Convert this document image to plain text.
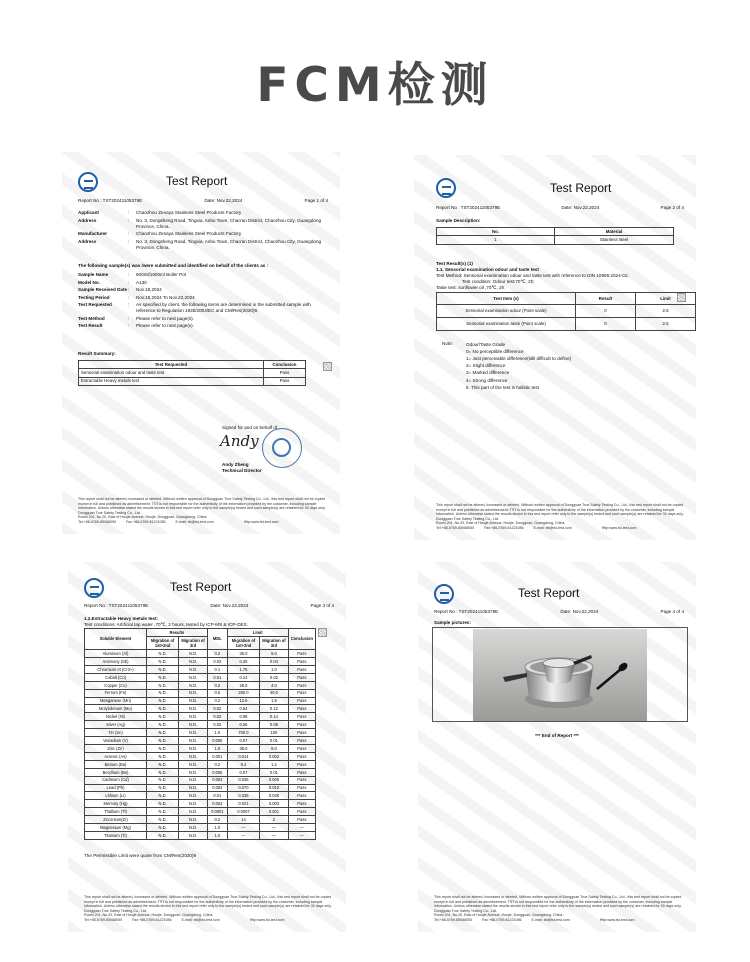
FCM检测
Test Report
Report No : TST20241105379E	Date: Nov.22,2024	Page 1 of 4
Applicant	:	Chaozhou Zenaya Stainless Steel Products Factory
Address	:	No. 3, Dongsheng Road, Tingxia, Anbu Town, Chao'an District, Chaozhou City, Guangdong Province, China.
Manufacturer	:	Chaozhou Zenaya Stainless Steel Products Factory
Address	:	No. 3, Dongsheng Road, Tingxia, Anbu Town, Chao'an District, Chaozhou City, Guangdong Province, China.
The following sample(s) was /were submitted and identified on behalf of the clients as :
Sample Name	:	600ml/1600ml Boiler Pot
Model No.	:	A130
Sample Received Date :	Nov.18,2024
Testing Period	:	Nov.18,2024 To Nov.22,2024
Test Requested	:	As specified by client, the following items are determined in the submitted sample with reference to Regulation 1935/2004/EC and CM/Res(2020)9.
Test Method	:	Please refer to next page(s).
Test Result	:	Please refer to next page(s).
Result Summary:
Test Requested	Conclusion
Sensorial examination odour and taste test	Pass
Extractable Heavy metals test	Pass
Signed for and on behalf of
Andy
Andy Zheng
Technical Director
This report shall not be altered, increased or deleted. Without written approval of Dongguan True Safety Testing Co., Ltd., this test report shall not be copied except in full and published as advertisement. TST is not responsible for the authenticity of the information provided by the customer, including sample information. Unless otherwise stated the results shown in this test report refer only to the sample(s) tested and such sample(s) are retained for 30 days only.
Dongguan True Safety Testing Co., Ltd.
Room 201, No.20, East of Houjie Avenue, Houjie, Dongguan, Guangdong, China
Tel:+86-0769-85088050	Fax:+86-0769-81221086	E-mail: tst@tst-test.com	Http:www.tst-test.com
Test Report
Report No : TST20241105379E	Date: Nov.22,2024	Page 2 of 4
Sample Description:
No.	Material
1	Stainless steel
Test Result(s) (1)
1.1. Sensorial examination odour and taste test
Test Method: Sensorial examination odour and taste test with reference to DIN 10955:2024-01;
Test condition: Odour test:70℃, 2h;
Taste test: sunflower oil ,70℃, 2h.
Test Item (s)	Result	Limit
Sensorial examination odour (Point scale)	0	2.5
Sensorial examination taste (Point scale)	0	2.5
Note:	Odour/Taste Grade
0= No perceptible difference
1= Just perceivable difference(still difficult to define)
2= Slight difference
3= Marked difference
4= Strong difference
5. This part of the test is holistic test
This report shall not be altered, increased or deleted. Without written approval of Dongguan True Safety Testing Co., Ltd., this test report shall not be copied except in full and published as advertisement. TST is not responsible for the authenticity of the information provided by the customer, including sample information. Unless otherwise stated the results shown in this test report refer only to the sample(s) tested and such sample(s) are retained for 30 days only.
Dongguan True Safety Testing Co., Ltd.
Room 201, No.20, East of Houjie Avenue, Houjie, Dongguan, Guangdong, China
Tel:+86-0769-85088050	Fax:+86-0769-81221086	E-mail: tst@tst-test.com	Http:www.tst-test.com
Test Report
Report No : TST20241105379E	Date: Nov.22,2024	Page 3 of 4
1.2.Extractable Heavy metals test:
Test conditions: Artificial tap water ,70℃, 2 hours, tested by ICP-MS & ICP-OES.
Soluble Element	Results		MDL	Limit		Conclusion
	Migration of 1st+2nd	Migration of 3rd		Migration of 1st+2nd	Migration of 3rd	
Aluminum (Al)	N.D.	N.D.	0.2	35.0	5.0	Pass
Antimony (Sb)	N.D.	N.D.	0.02	0.28	0.04	Pass
Chromium III (Cr3+)	N.D.	N.D.	0.1	1.75	1.0	Pass
Cobalt (Co)	N.D.	N.D.	0.01	0.14	0.02	Pass
Copper (Cu)	N.D.	N.D.	0.2	28.0	4.0	Pass
Ferrum (Fe)	N.D.	N.D.	0.5	280.0	40.0	Pass
Manganese (Mn)	N.D.	N.D.	0.2	12.6	1.8	Pass
Molybdenum (Mo)	N.D.	N.D.	0.02	0.84	0.12	Pass
Nickel (Ni)	N.D.	N.D.	0.02	0.98	0.14	Pass
Silver (Ag)	N.D.	N.D.	0.02	0.56	0.08	Pass
Tin (Sn)	N.D.	N.D.	1.0	700.0	100	Pass
Vanadium (V)	N.D.	N.D.	0.005	0.07	0.01	Pass
Zinc (Zn)	N.D.	N.D.	1.0	35.0	5.0	Pass
Arsenic (As)	N.D.	N.D.	0.001	0.014	0.002	Pass
Barium (Ba)	N.D.	N.D.	0.2	8.4	1.2	Pass
Beryllium (Be)	N.D.	N.D.	0.005	0.07	0.01	Pass
Cadmium (Cd)	N.D.	N.D.	0.002	0.035	0.005	Pass
Lead (Pb)	N.D.	N.D.	0.002	0.070	0.010	Pass
Lithium (Li)	N.D.	N.D.	0.01	0.336	0.048	Pass
Mercury (Hg)	N.D.	N.D.	0.002	0.021	0.003	Pass
Thallium (Tl)	N.D.	N.D.	0.0001	0.0007	0.001	Pass
Zirconium(Zr)	N.D.	N.D.	0.2	14	2	Pass
Magnesium (Mg)	N.D.	N.D.	1.0	—	—	—
Titanium (Ti)	N.D.	N.D.	1.0	—	—	—
The Permissible Limit were quote from CM/Res(2020)9
This report shall not be altered, increased or deleted. Without written approval of Dongguan True Safety Testing Co., Ltd., this test report shall not be copied except in full and published as advertisement. TST is not responsible for the authenticity of the information provided by the customer, including sample information. Unless otherwise stated the results shown in this test report refer only to the sample(s) tested and such sample(s) are retained for 30 days only.
Dongguan True Safety Testing Co., Ltd.
Room 201, No.20, East of Houjie Avenue, Houjie, Dongguan, Guangdong, China
Tel:+86-0769-85088050	Fax:+86-0769-81221086	E-mail: tst@tst-test.com	Http:www.tst-test.com
Test Report
Report No : TST20241105379E	Date: Nov.22,2024	Page 4 of 4
Sample pictures:
*** End of Report ***
This report shall not be altered, increased or deleted. Without written approval of Dongguan True Safety Testing Co., Ltd., this test report shall not be copied except in full and published as advertisement. TST is not responsible for the authenticity of the information provided by the customer, including sample information. Unless otherwise stated the results shown in this test report refer only to the sample(s) tested and such sample(s) are retained for 30 days only.
Dongguan True Safety Testing Co., Ltd.
Room 201, No.20, East of Houjie Avenue, Houjie, Dongguan, Guangdong, China
Tel:+86-0769-85088050	Fax:+86-0769-81221086	E-mail: tst@tst-test.com	Http:www.tst-test.com
